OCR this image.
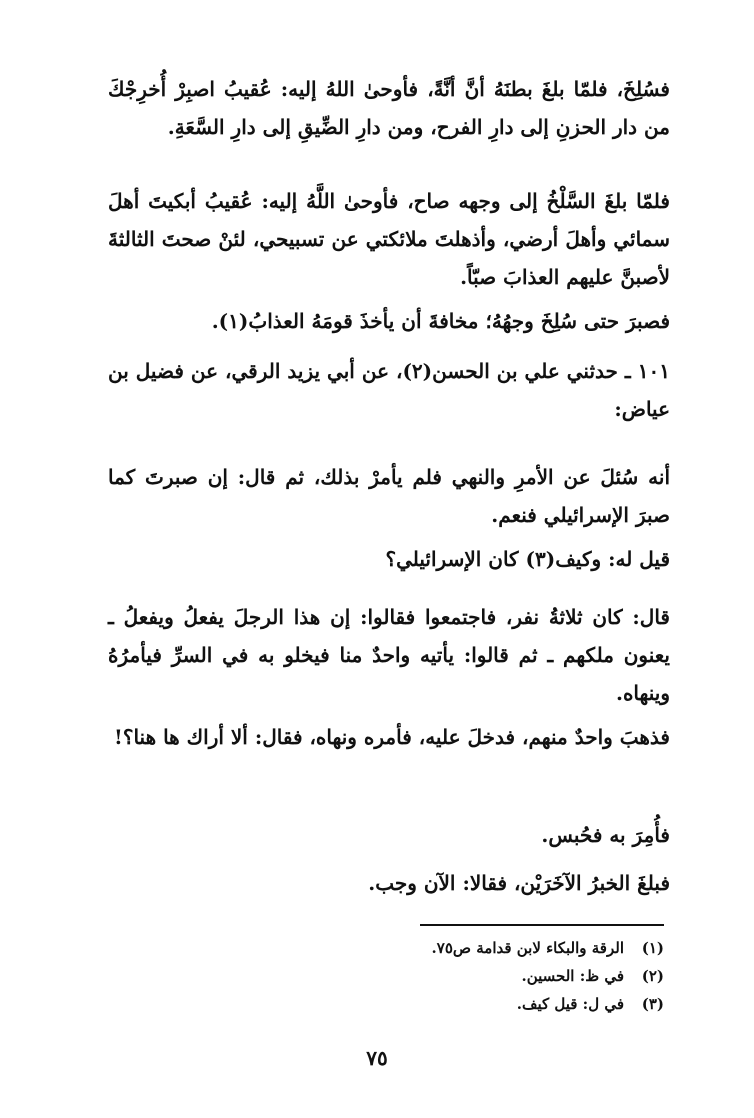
فسُلِخَ، فلمّا بلغَ بطنَهُ أنَّ أنَّةً، فأوحىٰ اللهُ إليه: عُقيبُ اصبِرْ أُخرِجْكَ من دار الحزنِ إلى دارِ الفرح، ومن دارِ الضِّيقِ إلى دارِ السَّعَةِ.

فلمّا بلغَ السَّلْخُ إلى وجهه صاح، فأوحىٰ اللَّهُ إليه: عُقيبُ أبكيتَ أهلَ سمائي وأهلَ أرضي، وأذهلتَ ملائكتي عن تسبيحي، لئنْ صحتَ الثالثةَ لأصبنَّ عليهم العذابَ صبّاً.

فصبرَ حتى سُلِخَ وجهُهُ؛ مخافةَ أن يأخذَ قومَهُ العذابُ(١).

١٠١ ـ حدثني علي بن الحسن(٢)، عن أبي يزيد الرقي، عن فضيل بن عياض:

أنه سُئلَ عن الأمرِ والنهي فلم يأمرْ بذلك، ثم قال: إن صبرتَ كما صبرَ الإسرائيلي فنعم.

قيل له: وكيف(٣) كان الإسرائيلي؟

قال: كان ثلاثةُ نفر، فاجتمعوا فقالوا: إن هذا الرجلَ يفعلُ ويفعلُ ـ يعنون ملكهم ـ ثم قالوا: يأتيه واحدٌ منا فيخلو به في السرِّ فيأمرُهُ وينهاه.

فذهبَ واحدٌ منهم، فدخلَ عليه، فأمره ونهاه، فقال: ألا أراك ها هنا؟!

فأُمِرَ به فحُبس.

فبلغَ الخبرُ الآخَرَيْن، فقالا: الآن وجب.

(١)
الرقة والبكاء لابن قدامة ص٧٥.
(٢)
في ظ: الحسين.
(٣)
في ل: قيل كيف.
٧٥
